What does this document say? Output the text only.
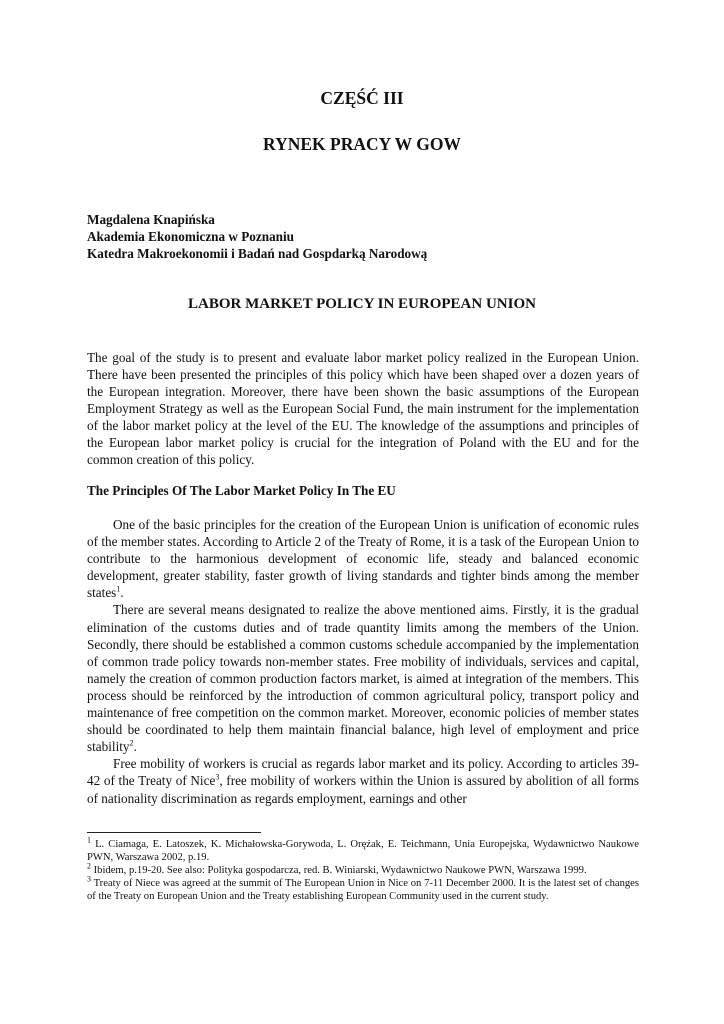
CZĘŚĆ III
RYNEK PRACY W GOW
Magdalena Knapińska
Akademia Ekonomiczna w Poznaniu
Katedra Makroekonomii i Badań nad Gospdarką Narodową
LABOR MARKET POLICY IN EUROPEAN UNION

The goal of the study is to present and evaluate labor market policy realized in the European Union. There have been presented the principles of this policy which have been shaped over a dozen years of the European integration. Moreover, there have been shown the basic assumptions of the European Employment Strategy as well as the European Social Fund, the main instrument for the implementation of the labor market policy at the level of the EU. The knowledge of the assumptions and principles of the European labor market policy is crucial for the integration of Poland with the EU and for the common creation of this policy.

The Principles Of The Labor Market Policy In The EU

One of the basic principles for the creation of the European Union is unification of economic rules of the member states. According to Article 2 of the Treaty of Rome, it is a task of the European Union to contribute to the harmonious development of economic life, steady and balanced economic development, greater stability, faster growth of living standards and tighter binds among the member states$^1$.

There are several means designated to realize the above mentioned aims. Firstly, it is the gradual elimination of the customs duties and of trade quantity limits among the members of the Union. Secondly, there should be established a common customs schedule accompanied by the implementation of common trade policy towards non-member states. Free mobility of individuals, services and capital, namely the creation of common production factors market, is aimed at integration of the members. This process should be reinforced by the introduction of common agricultural policy, transport policy and maintenance of free competition on the common market. Moreover, economic policies of member states should be coordinated to help them maintain financial balance, high level of employment and price stability$^2$.

Free mobility of workers is crucial as regards labor market and its policy. According to articles 39-42 of the Treaty of Nice$^3$, free mobility of workers within the Union is assured by abolition of all forms of nationality discrimination as regards employment, earnings and other

$^1$ L. Ciamaga, E. Latoszek, K. Michałowska-Gorywoda, L. Oręźak, E. Teichmann, Unia Europejska, Wydawnictwo Naukowe PWN, Warszawa 2002, p.19.

$^2$ Ibidem, p.19-20. See also: Polityka gospodarcza, red. B. Winiarski, Wydawnictwo Naukowe PWN, Warszawa 1999.

$^3$ Treaty of Niece was agreed at the summit of The European Union in Nice on 7-11 December 2000. It is the latest set of changes of the Treaty on European Union and the Treaty establishing European Community used in the current study.
